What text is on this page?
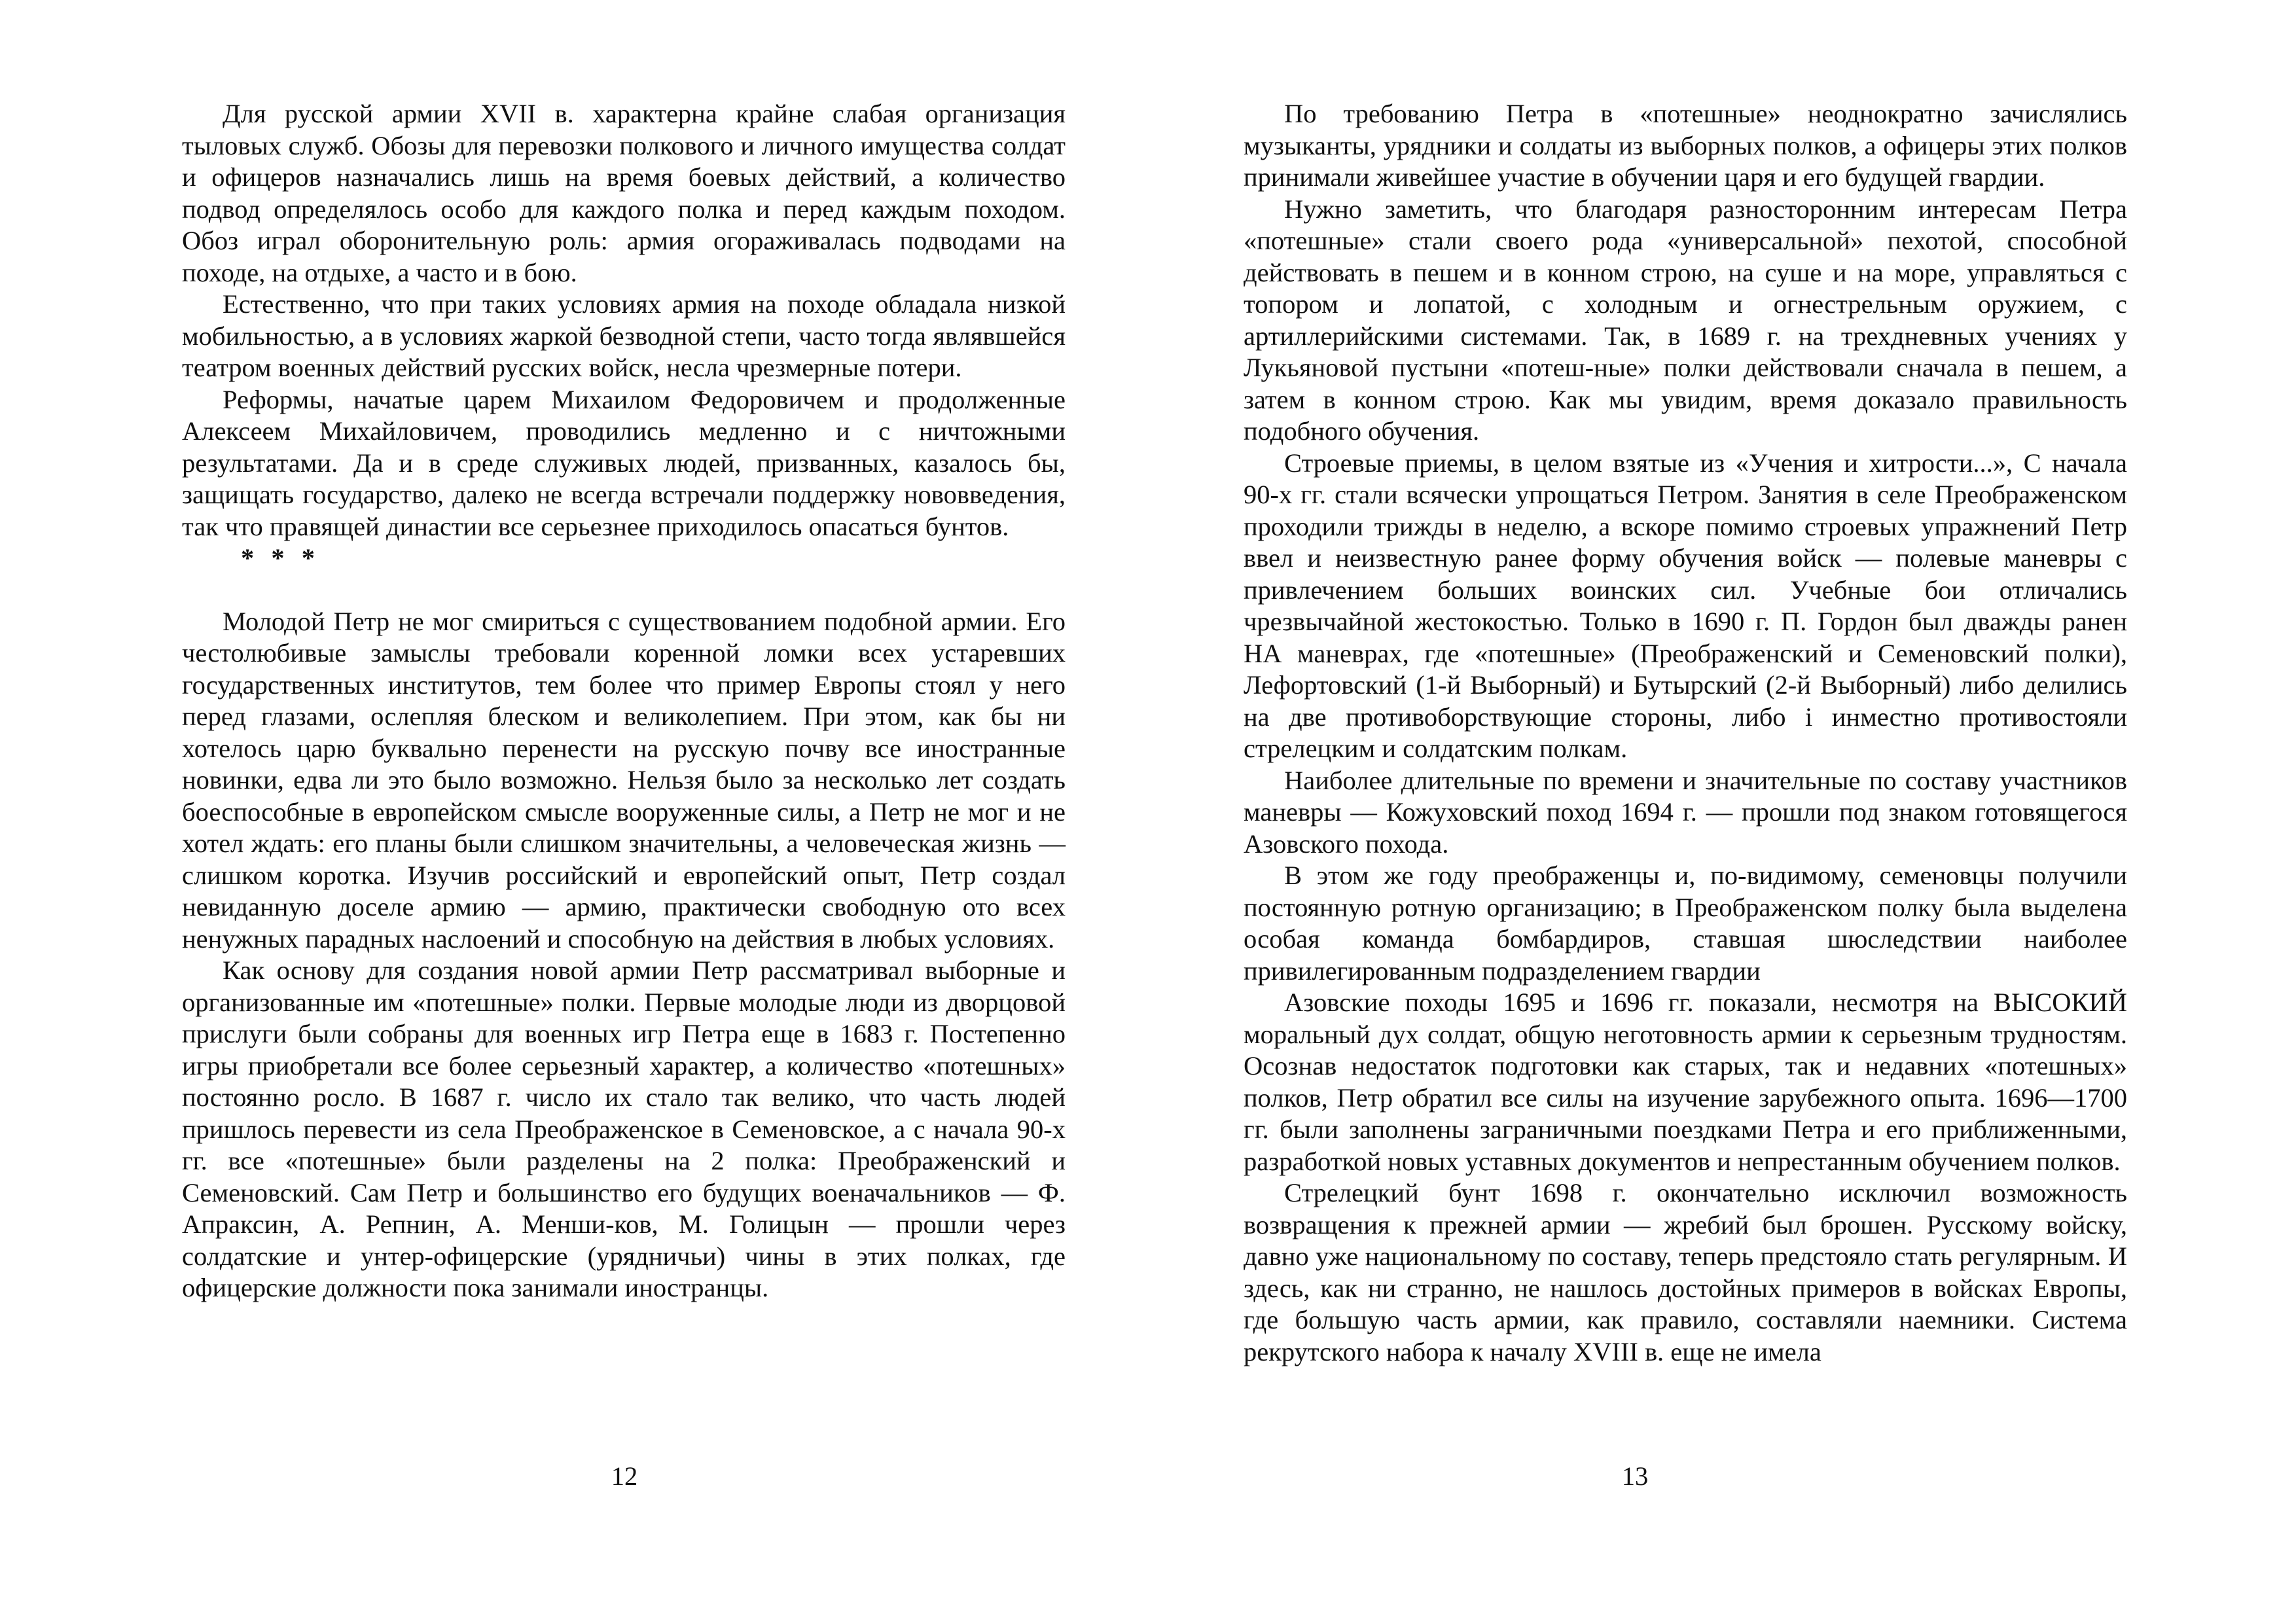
Для русской армии XVII в. характерна крайне слабая организация тыловых служб. Обозы для перевозки полкового и личного имущества солдат и офицеров назначались лишь на время боевых действий, а количество подвод определялось особо для каждого полка и перед каждым походом. Обоз играл оборонительную роль: армия огораживалась подводами на походе, на отдыхе, а часто и в бою.

Естественно, что при таких условиях армия на походе обладала низкой мобильностью, а в условиях жаркой безводной степи, часто тогда являвшейся театром военных действий русских войск, несла чрезмерные потери.

Реформы, начатые царем Михаилом Федоровичем и продолженные Алексеем Михайловичем, проводились медленно и с ничтожными результатами. Да и в среде служивых людей, призванных, казалось бы, защищать государство, далеко не всегда встречали поддержку нововведения, так что правящей династии все серьезнее приходилось опасаться бунтов.

* * *

Молодой Петр не мог смириться с существованием подобной армии. Его честолюбивые замыслы требовали коренной ломки всех устаревших государственных институтов, тем более что пример Европы стоял у него перед глазами, ослепляя блеском и великолепием. При этом, как бы ни хотелось царю буквально перенести на русскую почву все иностранные новинки, едва ли это было возможно. Нельзя было за несколько лет создать боеспособные в европейском смысле вооруженные силы, а Петр не мог и не хотел ждать: его планы были слишком значительны, а человеческая жизнь — слишком коротка. Изучив российский и европейский опыт, Петр создал невиданную доселе армию — армию, практически свободную ото всех ненужных парадных наслоений и способную на действия в любых условиях.

Как основу для создания новой армии Петр рассматривал выборные и организованные им «потешные» полки. Первые молодые люди из дворцовой прислуги были собраны для военных игр Петра еще в 1683 г. Постепенно игры приобретали все более серьезный характер, а количество «потешных» постоянно росло. В 1687 г. число их стало так велико, что часть людей пришлось перевести из села Преображенское в Семеновское, а с начала 90-х гг. все «потешные» были разделены на 2 полка: Преображенский и Семеновский. Сам Петр и большинство его будущих военачальников — Ф. Апраксин, А. Репнин, А. Менши-ков, М. Голицын — прошли через солдатские и унтер-офицерские (урядничьи) чины в этих полках, где офицерские должности пока занимали иностранцы.

12

По требованию Петра в «потешные» неоднократно зачислялись музыканты, урядники и солдаты из выборных полков, а офицеры этих полков принимали живейшее участие в обучении царя и его будущей гвардии.

Нужно заметить, что благодаря разносторонним интересам Петра «потешные» стали своего рода «универсальной» пехотой, способной действовать в пешем и в конном строю, на суше и на море, управляться с топором и лопатой, с холодным и огнестрельным оружием, с артиллерийскими системами. Так, в 1689 г. на трехдневных учениях у Лукьяновой пустыни «потеш-ные» полки действовали сначала в пешем, а затем в конном строю. Как мы увидим, время доказало правильность подобного обучения.

Строевые приемы, в целом взятые из «Учения и хитрости...», С начала 90-х гг. стали всячески упрощаться Петром. Занятия в селе Преображенском проходили трижды в неделю, а вскоре помимо строевых упражнений Петр ввел и неизвестную ранее форму обучения войск — полевые маневры с привлечением больших воинских сил. Учебные бои отличались чрезвычайной жестокостью. Только в 1690 г. П. Гордон был дважды ранен НА маневрах, где «потешные» (Преображенский и Семеновский полки), Лефортовский (1-й Выборный) и Бутырский (2-й Выборный) либо делились на две противоборствующие стороны, либо і инместно противостояли стрелецким и солдатским полкам.

Наиболее длительные по времени и значительные по составу участников маневры — Кожуховский поход 1694 г. — прошли под знаком готовящегося Азовского похода.

В этом же году преображенцы и, по-видимому, семеновцы получили постоянную ротную организацию; в Преображенском полку была выделена особая команда бомбардиров, ставшая шюследствии наиболее привилегированным подразделением гвардии

Азовские походы 1695 и 1696 гг. показали, несмотря на ВЫСОКИЙ моральный дух солдат, общую неготовность армии к серьезным трудностям. Осознав недостаток подготовки как старых, так и недавних «потешных» полков, Петр обратил все силы на изучение зарубежного опыта. 1696—1700 гг. были заполнены заграничными поездками Петра и его приближенными, разработкой новых уставных документов и непрестанным обучением полков.

Стрелецкий бунт 1698 г. окончательно исключил возможность возвращения к прежней армии — жребий был брошен. Русскому войску, давно уже национальному по составу, теперь предстояло стать регулярным. И здесь, как ни странно, не нашлось достойных примеров в войсках Европы, где большую часть армии, как правило, составляли наемники. Система рекрутского набора к началу XVIII в. еще не имела

13
